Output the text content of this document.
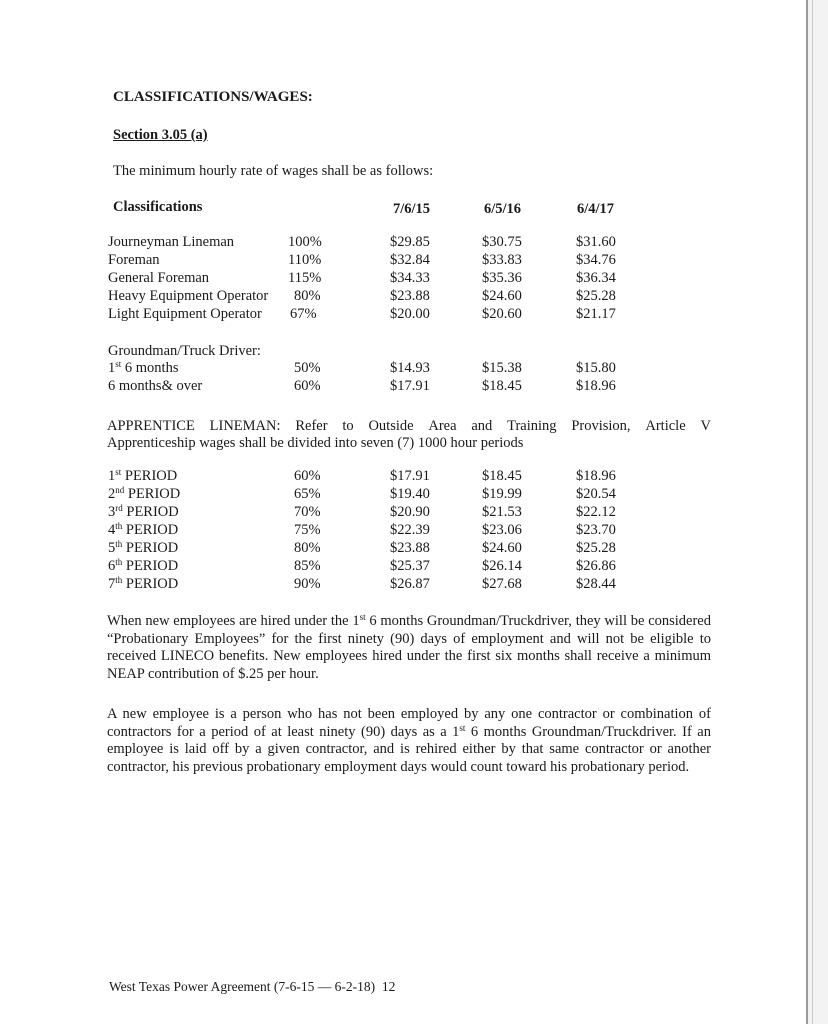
CLASSIFICATIONS/WAGES:
Section 3.05 (a)
The minimum hourly rate of wages shall be as follows:
Classifications	7/6/15	6/5/16	6/4/17
Journeyman Lineman	100%	$29.85	$30.75	$31.60
Foreman	110%	$32.84	$33.83	$34.76
General Foreman	115%	$34.33	$35.36	$36.34
Heavy Equipment Operator 80%	$23.88	$24.60	$25.28
Light Equipment Operator 67%	$20.00	$20.60	$21.17
Groundman/Truck Driver:
1st 6 months	50%	$14.93	$15.38	$15.80
6 months& over	60%	$17.91	$18.45	$18.96
APPRENTICE LINEMAN: Refer to Outside Area and Training Provision, Article V
Apprenticeship wages shall be divided into seven (7) 1000 hour periods
1st PERIOD	60%	$17.91	$18.45	$18.96
2nd PERIOD	65%	$19.40	$19.99	$20.54
3rd PERIOD	70%	$20.90	$21.53	$22.12
4th PERIOD	75%	$22.39	$23.06	$23.70
5th PERIOD	80%	$23.88	$24.60	$25.28
6th PERIOD	85%	$25.37	$26.14	$26.86
7th PERIOD	90%	$26.87	$27.68	$28.44
When new employees are hired under the 1st 6 months Groundman/Truckdriver, they will be considered “Probationary Employees” for the first ninety (90) days of employment and will not be eligible to received LINECO benefits. New employees hired under the first six months shall receive a minimum NEAP contribution of $.25 per hour.
A new employee is a person who has not been employed by any one contractor or combination of contractors for a period of at least ninety (90) days as a 1st 6 months Groundman/Truckdriver. If an employee is laid off by a given contractor, and is rehired either by that same contractor or another contractor, his previous probationary employment days would count toward his probationary period.
West Texas Power Agreement (7-6-15 — 6-2-18) 12
